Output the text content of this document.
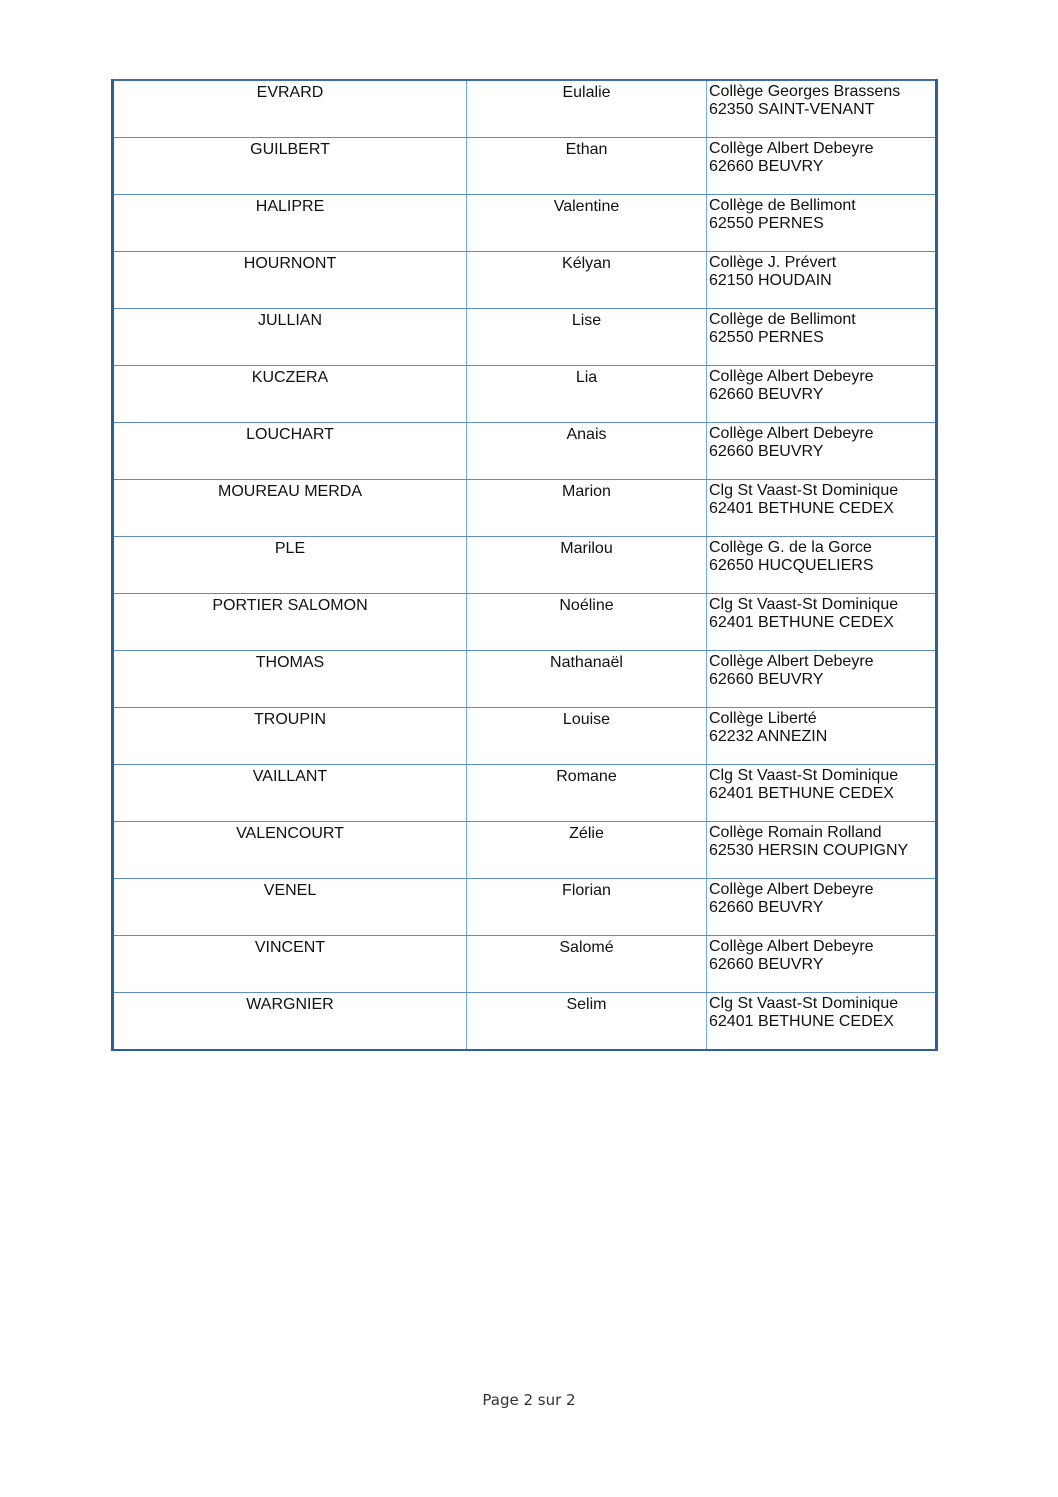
EVRARD	Eulalie	Collège Georges Brassens
62350 SAINT-VENANT

GUILBERT	Ethan	Collège Albert Debeyre
62660 BEUVRY

HALIPRE	Valentine	Collège de Bellimont
62550 PERNES

HOURNONT	Kélyan	Collège J. Prévert
62150 HOUDAIN

JULLIAN	Lise	Collège de Bellimont
62550 PERNES

KUCZERA	Lia	Collège Albert Debeyre
62660 BEUVRY

LOUCHART	Anais	Collège Albert Debeyre
62660 BEUVRY

MOUREAU MERDA	Marion	Clg St Vaast-St Dominique
62401 BETHUNE CEDEX

PLE	Marilou	Collège G. de la Gorce
62650 HUCQUELIERS

PORTIER SALOMON	Noéline	Clg St Vaast-St Dominique
62401 BETHUNE CEDEX

THOMAS	Nathanaël	Collège Albert Debeyre
62660 BEUVRY

TROUPIN	Louise	Collège Liberté
62232 ANNEZIN

VAILLANT	Romane	Clg St Vaast-St Dominique
62401 BETHUNE CEDEX

VALENCOURT	Zélie	Collège Romain Rolland
62530 HERSIN COUPIGNY

VENEL	Florian	Collège Albert Debeyre
62660 BEUVRY

VINCENT	Salomé	Collège Albert Debeyre
62660 BEUVRY

WARGNIER	Selim	Clg St Vaast-St Dominique
62401 BETHUNE CEDEX
Page 2 sur 2
